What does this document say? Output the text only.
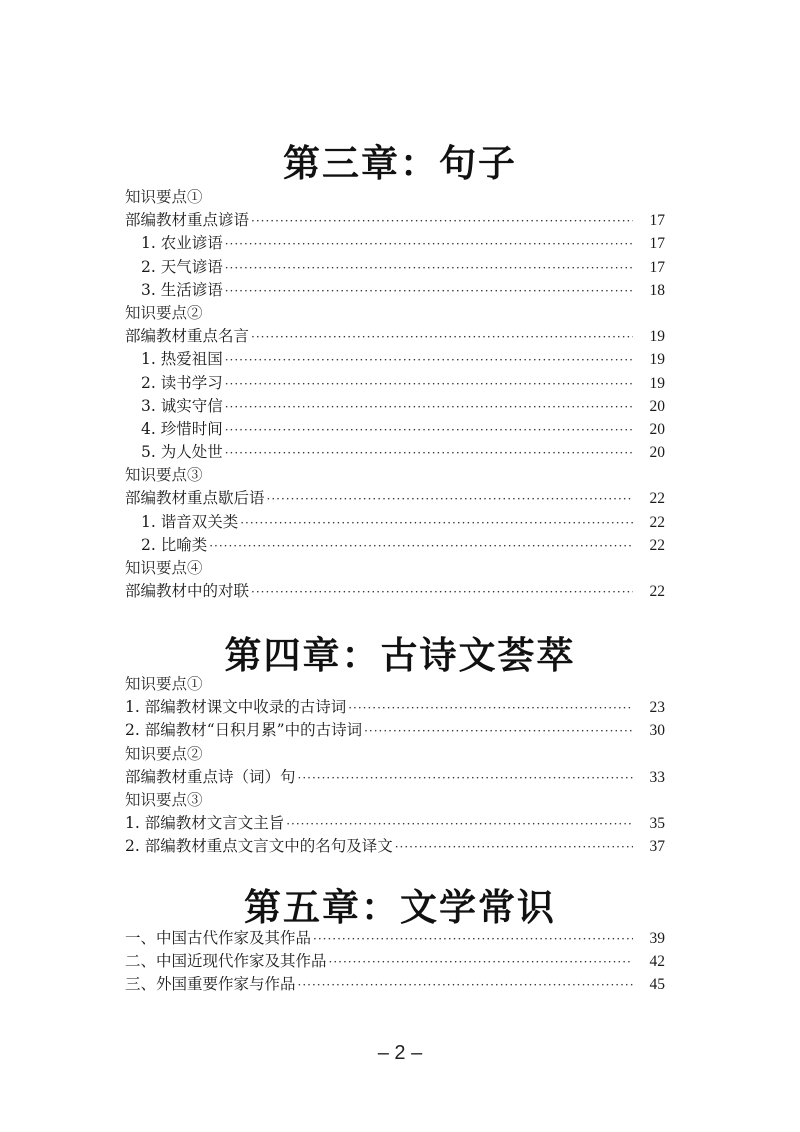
第三章：句子
知识要点①
部编教材重点谚语 ·····	17
1. 农业谚语 ·····	17
2. 天气谚语 ·····	17
3. 生活谚语 ·····	18
知识要点②
部编教材重点名言 ·····	19
1. 热爱祖国 ·····	19
2. 读书学习 ·····	19
3. 诚实守信 ·····	20
4. 珍惜时间 ·····	20
5. 为人处世 ·····	20
知识要点③
部编教材重点歇后语 ·····	22
1. 谐音双关类 ·····	22
2. 比喻类 ·····	22
知识要点④
部编教材中的对联 ·····	22
第四章：古诗文荟萃
知识要点①
1. 部编教材课文中收录的古诗词 ·····	23
2. 部编教材“日积月累”中的古诗词 ·····	30
知识要点②
部编教材重点诗（词）句 ·····	33
知识要点③
1. 部编教材文言文主旨 ·····	35
2. 部编教材重点文言文中的名句及译文 ·····	37
第五章：文学常识
一、中国古代作家及其作品 ·····	39
二、中国近现代作家及其作品 ·····	42
三、外国重要作家与作品 ·····	45
– 2 –
